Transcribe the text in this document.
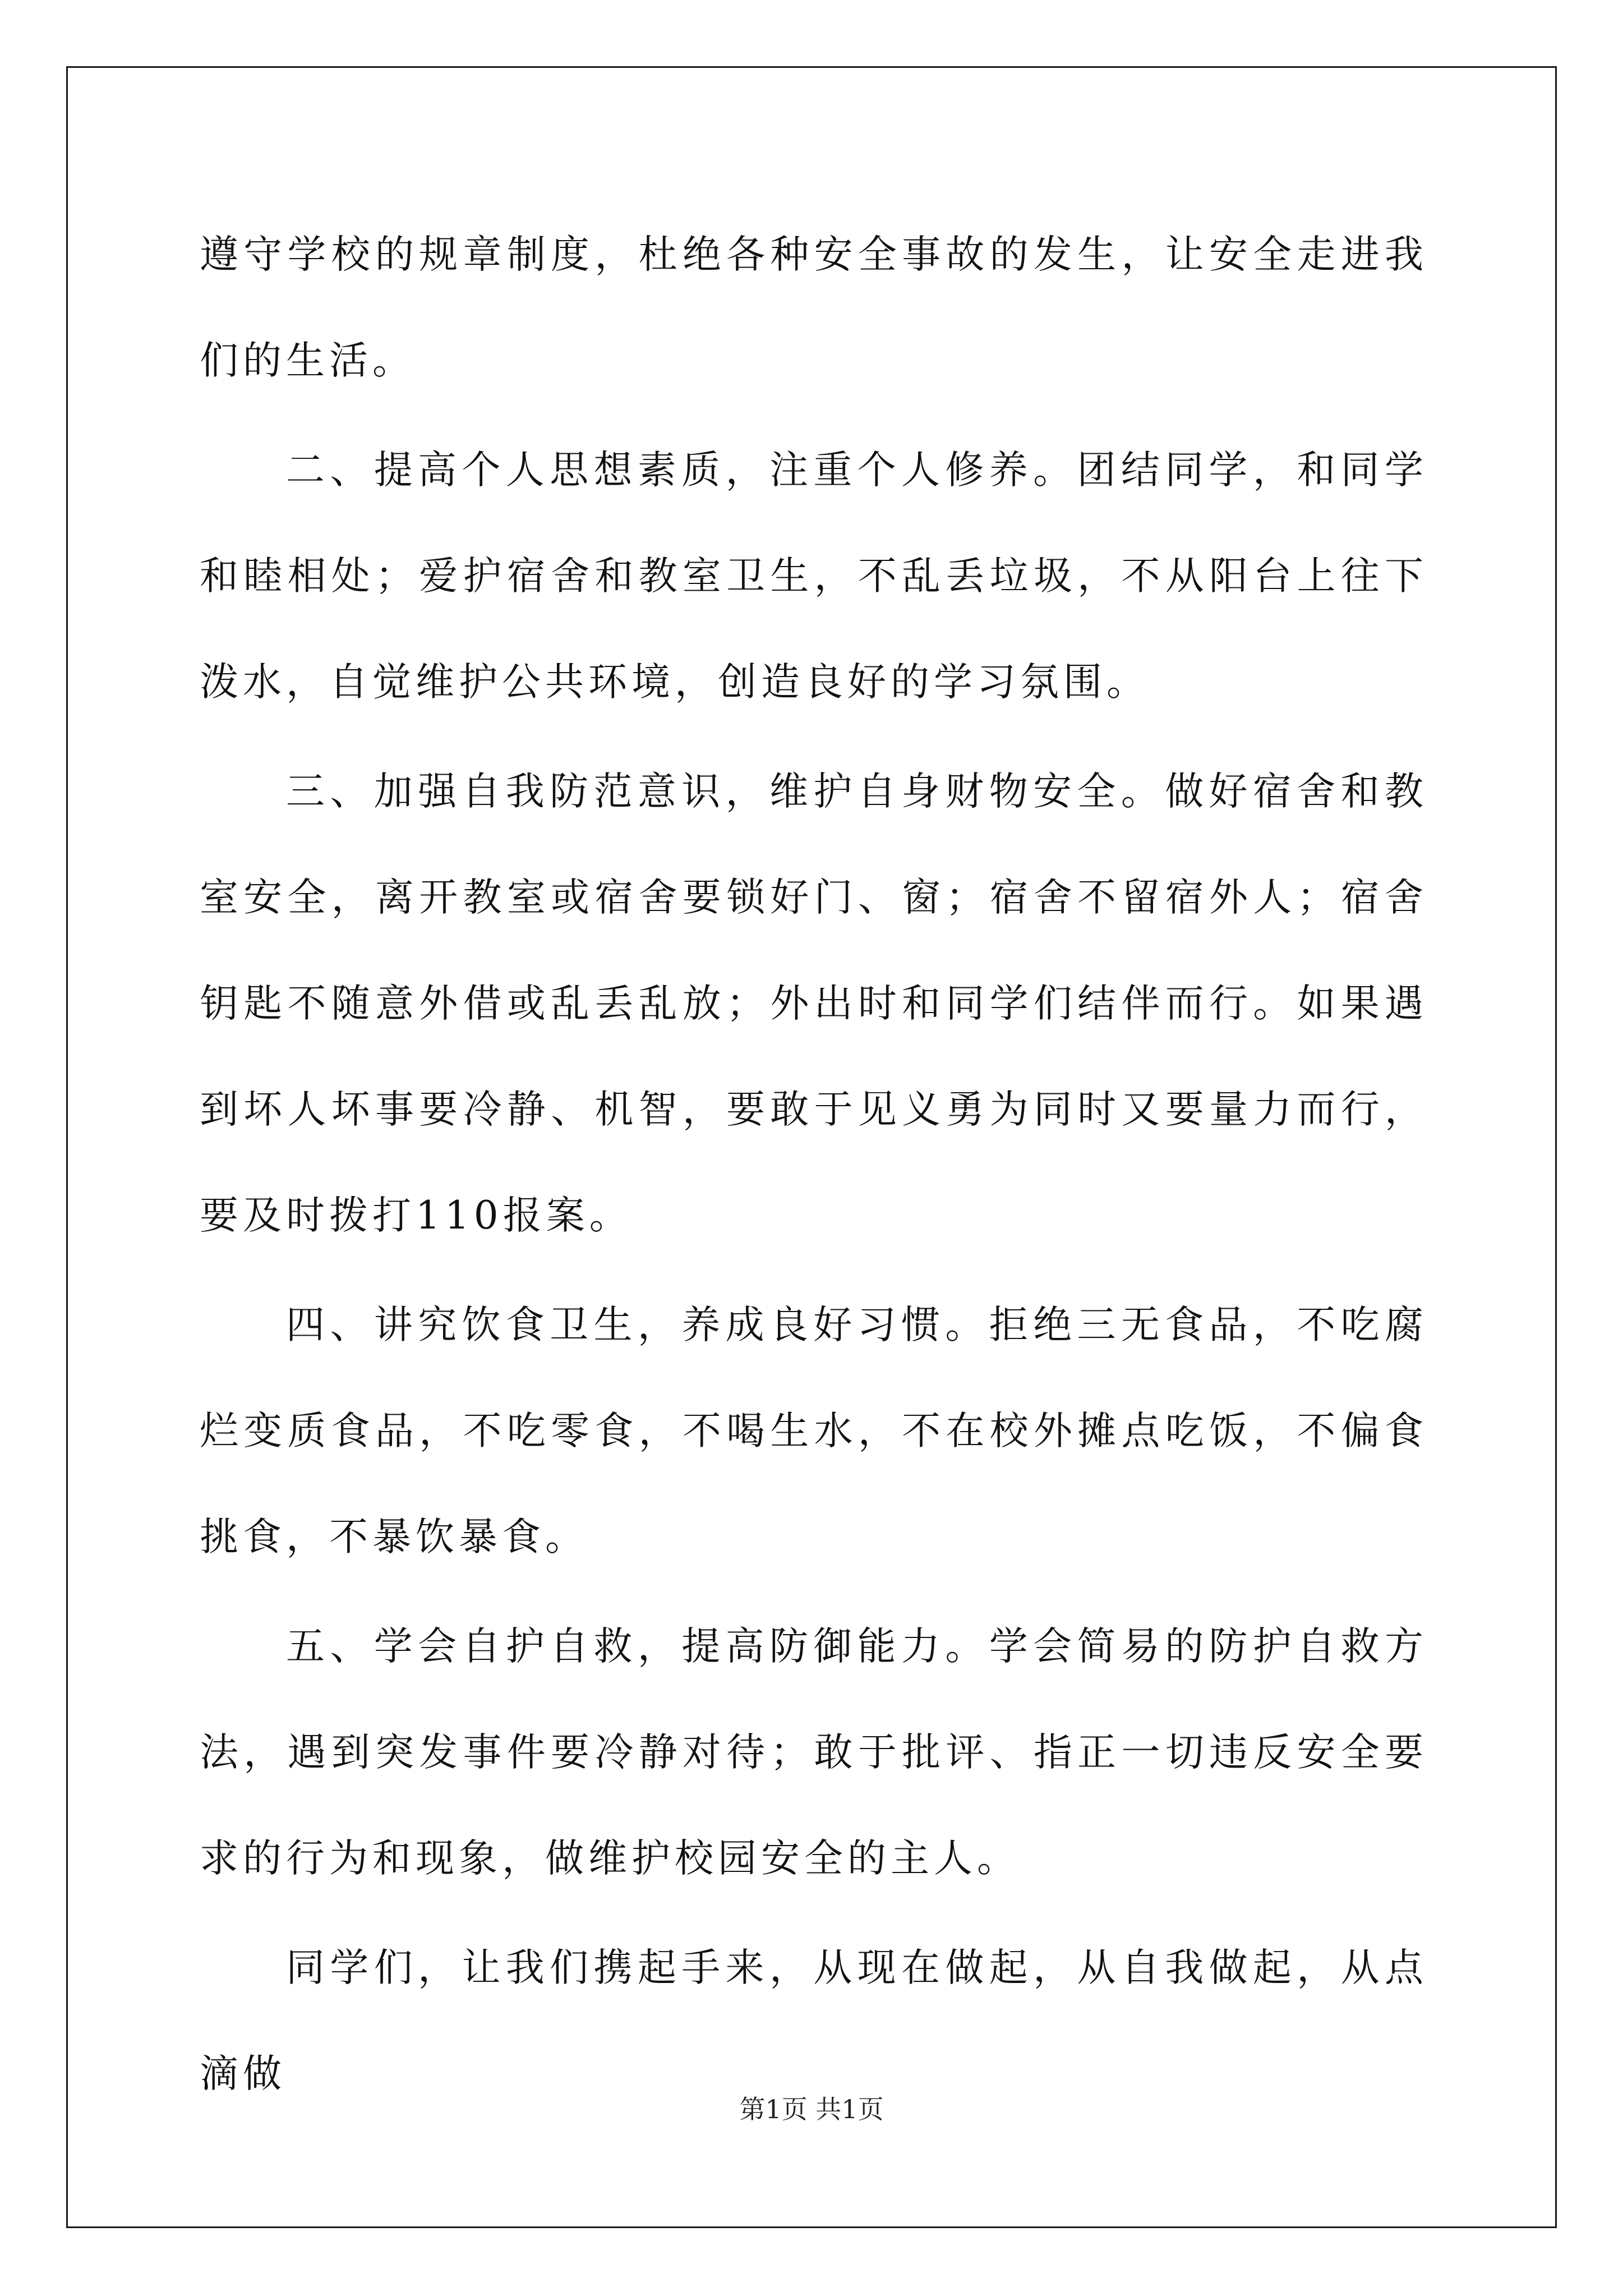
遵守学校的规章制度，杜绝各种安全事故的发生，让安全走进我们的生活。

二、提高个人思想素质，注重个人修养。团结同学，和同学和睦相处；爱护宿舍和教室卫生，不乱丢垃圾，不从阳台上往下泼水，自觉维护公共环境，创造良好的学习氛围。

三、加强自我防范意识，维护自身财物安全。做好宿舍和教室安全，离开教室或宿舍要锁好门、窗；宿舍不留宿外人；宿舍钥匙不随意外借或乱丢乱放；外出时和同学们结伴而行。如果遇到坏人坏事要冷静、机智，要敢于见义勇为同时又要量力而行，要及时拨打110报案。

四、讲究饮食卫生，养成良好习惯。拒绝三无食品，不吃腐烂变质食品，不吃零食，不喝生水，不在校外摊点吃饭，不偏食挑食，不暴饮暴食。

五、学会自护自救，提高防御能力。学会简易的防护自救方法，遇到突发事件要冷静对待；敢于批评、指正一切违反安全要求的行为和现象，做维护校园安全的主人。

同学们，让我们携起手来，从现在做起，从自我做起，从点滴做

第1页 共1页
